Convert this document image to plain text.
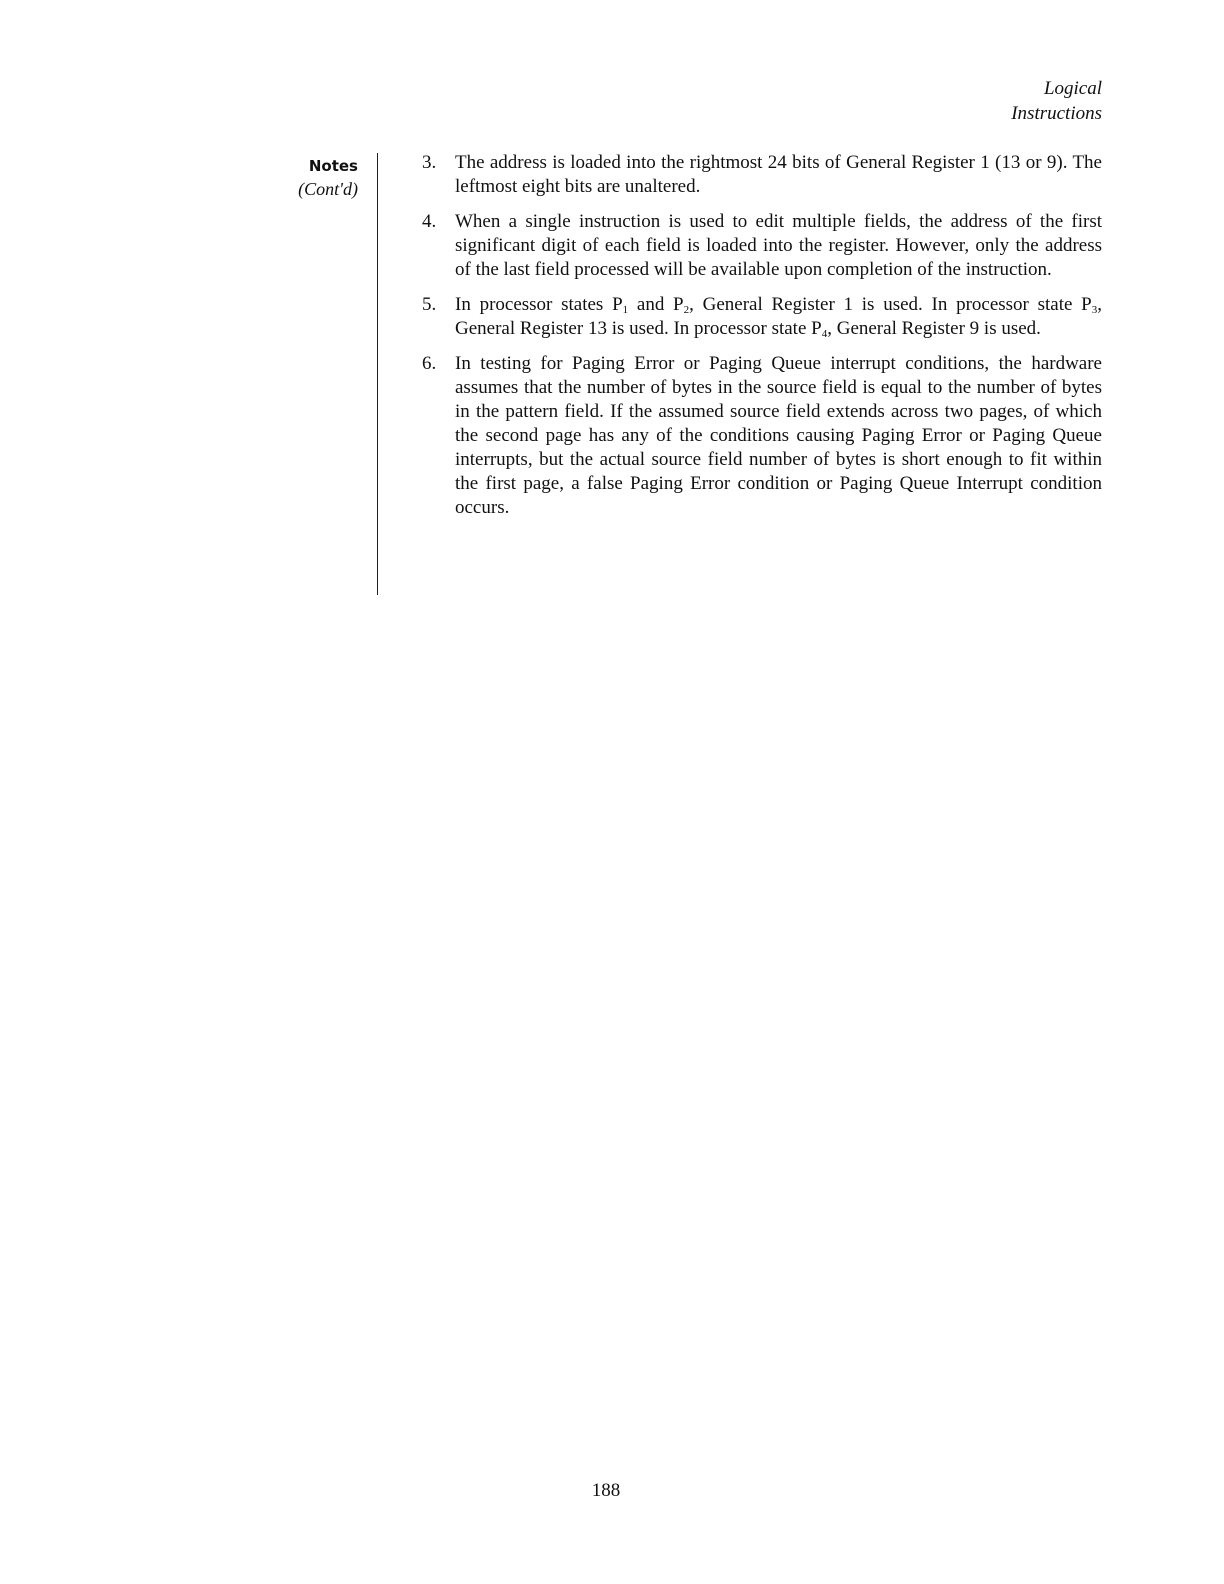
Logical
Instructions
Notes
(Cont'd)
3. The address is loaded into the rightmost 24 bits of General Register 1 (13 or 9). The leftmost eight bits are unaltered.
4. When a single instruction is used to edit multiple fields, the address of the first significant digit of each field is loaded into the register. However, only the address of the last field processed will be available upon completion of the instruction.
5. In processor states $P_1$ and $P_2$, General Register 1 is used. In processor state $P_3$, General Register 13 is used. In processor state $P_4$, General Register 9 is used.
6. In testing for Paging Error or Paging Queue interrupt conditions, the hardware assumes that the number of bytes in the source field is equal to the number of bytes in the pattern field. If the assumed source field extends across two pages, of which the second page has any of the conditions causing Paging Error or Paging Queue interrupts, but the actual source field number of bytes is short enough to fit within the first page, a false Paging Error condition or Paging Queue Interrupt condition occurs.
188
